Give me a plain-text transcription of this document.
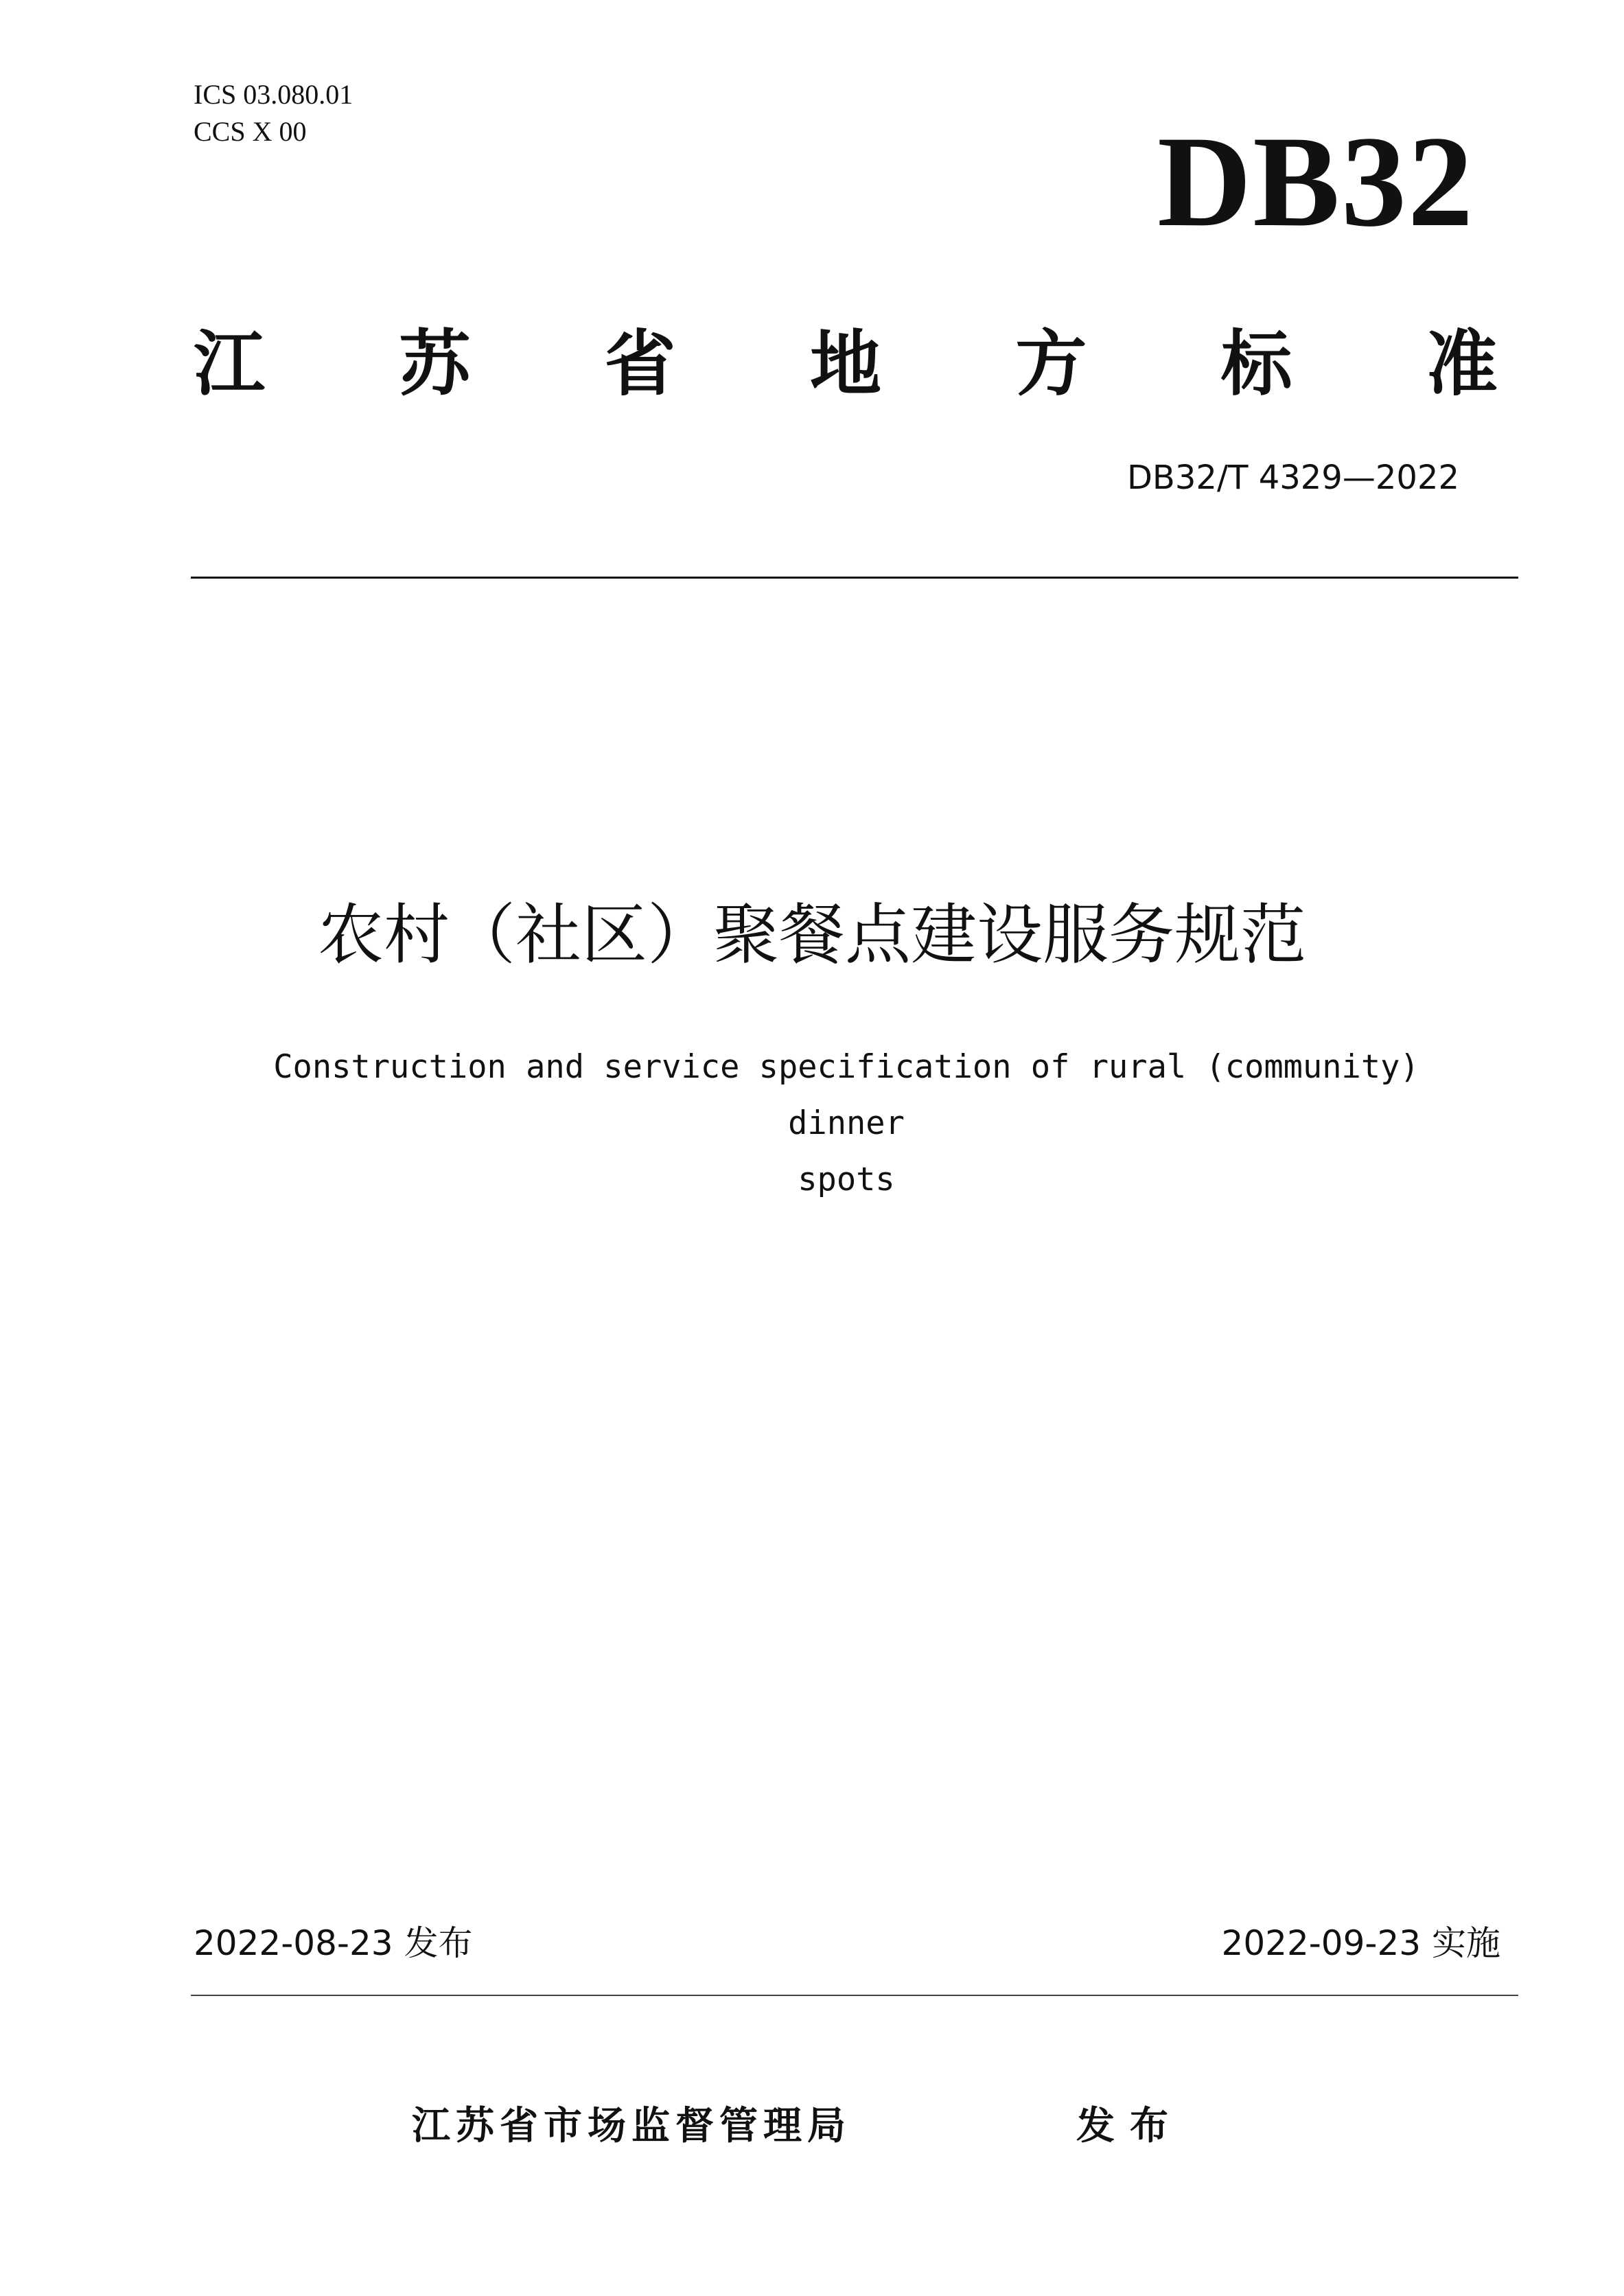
ICS 03.080.01
CCS X 00	DB32
江 苏 省 地 方 标 准
DB32/T 4329—2022
农村（社区）聚餐点建设服务规范
Construction and service specification of rural (community) dinner
spots
2022-08-23 发布	2022-09-23 实施
江苏省市场监督管理局	发布
